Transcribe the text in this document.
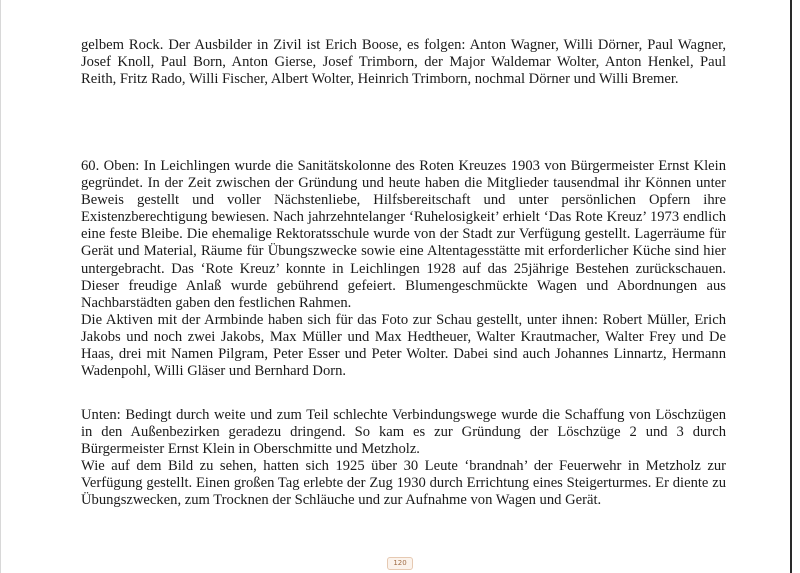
gelbem Rock. Der Ausbilder in Zivil ist Erich Boose, es folgen: Anton Wagner, Willi Dörner, Paul Wagner, Josef Knoll, Paul Born, Anton Gierse, Josef Trimborn, der Major Waldemar Wolter, Anton Henkel, Paul Reith, Fritz Rado, Willi Fischer, Albert Wolter, Heinrich Trimborn, nochmal Dörner und Willi Bremer.

60. Oben: In Leichlingen wurde die Sanitätskolonne des Roten Kreuzes 1903 von Bürgermeister Ernst Klein gegründet. In der Zeit zwischen der Gründung und heute haben die Mitglieder tausendmal ihr Können unter Beweis gestellt und voller Nächstenliebe, Hilfsbereitschaft und unter persönlichen Opfern ihre Existenzberechtigung bewiesen. Nach jahrzehntelanger ‘Ruhelosigkeit’ erhielt ‘Das Rote Kreuz’ 1973 endlich eine feste Bleibe. Die ehemalige Rektoratsschule wurde von der Stadt zur Verfügung gestellt. Lagerräume für Gerät und Material, Räume für Übungszwecke sowie eine Altentagesstätte mit erforderlicher Küche sind hier untergebracht. Das ‘Rote Kreuz’ konnte in Leichlingen 1928 auf das 25jährige Bestehen zurückschauen. Dieser freudige Anlaß wurde gebührend gefeiert. Blumengeschmückte Wagen und Abordnungen aus Nachbarstädten gaben den festlichen Rahmen.

Die Aktiven mit der Armbinde haben sich für das Foto zur Schau gestellt, unter ihnen: Robert Müller, Erich Jakobs und noch zwei Jakobs, Max Müller und Max Hedtheuer, Walter Krautmacher, Walter Frey und De Haas, drei mit Namen Pilgram, Peter Esser und Peter Wolter. Dabei sind auch Johannes Linnartz, Hermann Wadenpohl, Willi Gläser und Bernhard Dorn.

Unten: Bedingt durch weite und zum Teil schlechte Verbindungswege wurde die Schaffung von Löschzügen in den Außenbezirken geradezu dringend. So kam es zur Gründung der Löschzüge 2 und 3 durch Bürgermeister Ernst Klein in Oberschmitte und Metzholz.

Wie auf dem Bild zu sehen, hatten sich 1925 über 30 Leute ‘brandnah’ der Feuerwehr in Metzholz zur Verfügung gestellt. Einen großen Tag erlebte der Zug 1930 durch Errichtung eines Steigerturmes. Er diente zu Übungszwecken, zum Trocknen der Schläuche und zur Aufnahme von Wagen und Gerät.

120
